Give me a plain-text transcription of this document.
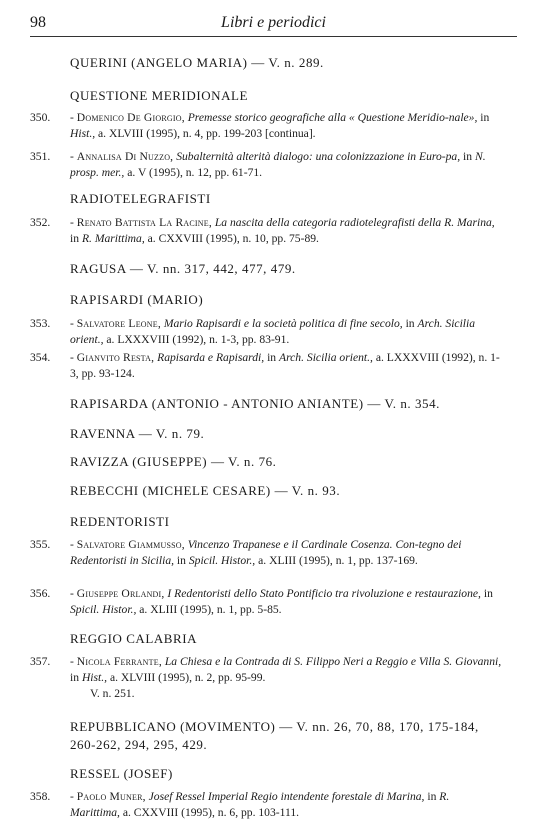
98	Libri e periodici
QUERINI (ANGELO MARIA) — V. n. 289.
QUESTIONE MERIDIONALE
350. - Domenico De Giorgio, Premesse storico geografiche alla « Questione Meridio-nale», in Hist., a. XLVIII (1995), n. 4, pp. 199-203 [continua].
351. - Annalisa Di Nuzzo, Subalternità alterità dialogo: una colonizzazione in Euro-pa, in N. prosp. mer., a. V (1995), n. 12, pp. 61-71.
RADIOTELEGRAFISTI
352. - Renato Battista La Racine, La nascita della categoria radiotelegrafisti della R. Marina, in R. Marittima, a. CXXVIII (1995), n. 10, pp. 75-89.
RAGUSA — V. nn. 317, 442, 477, 479.
RAPISARDI (MARIO)
353. - Salvatore Leone, Mario Rapisardi e la società politica di fine secolo, in Arch. Sicilia orient., a. LXXXVIII (1992), n. 1-3, pp. 83-91.
354. - Gianvito Resta, Rapisarda e Rapisardi, in Arch. Sicilia orient., a. LXXXVIII (1992), n. 1-3, pp. 93-124.
RAPISARDA (ANTONIO - ANTONIO ANIANTE) — V. n. 354.
RAVENNA — V. n. 79.
RAVIZZA (GIUSEPPE) — V. n. 76.
REBECCHI (MICHELE CESARE) — V. n. 93.
REDENTORISTI
355. - Salvatore Giammusso, Vincenzo Trapanese e il Cardinale Cosenza. Con-tegno dei Redentoristi in Sicilia, in Spicil. Histor., a. XLIII (1995), n. 1, pp. 137-169.
356. - Giuseppe Orlandi, I Redentoristi dello Stato Pontificio tra rivoluzione e restaurazione, in Spicil. Histor., a. XLIII (1995), n. 1, pp. 5-85.
REGGIO CALABRIA
357. - Nicola Ferrante, La Chiesa e la Contrada di S. Filippo Neri a Reggio e Villa S. Giovanni, in Hist., a. XLVIII (1995), n. 2, pp. 95-99.
V. n. 251.
REPUBBLICANO (MOVIMENTO) — V. nn. 26, 70, 88, 170, 175-184, 260-262, 294, 295, 429.
RESSEL (JOSEF)
358. - Paolo Muner, Josef Ressel Imperial Regio intendente forestale di Marina, in R. Marittima, a. CXXVIII (1995), n. 6, pp. 103-111.
